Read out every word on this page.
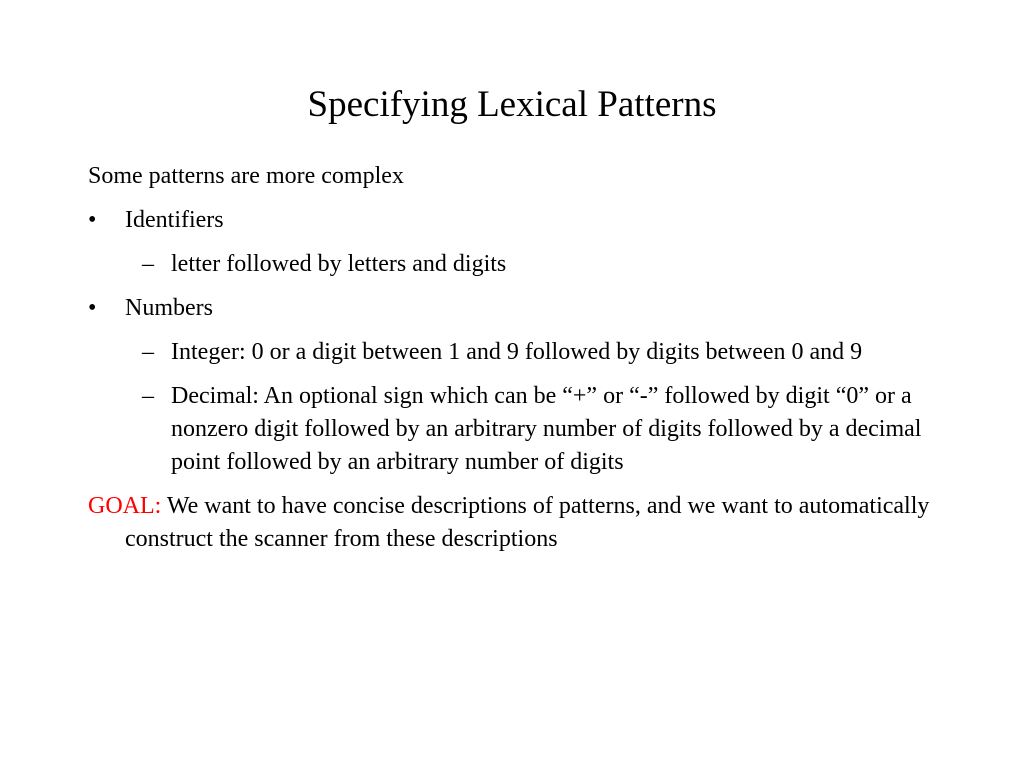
Specifying Lexical Patterns

Some patterns are more complex

• Identifiers

– letter followed by letters and digits

• Numbers

– Integer: 0 or a digit between 1 and 9 followed by digits between 0 and 9

– Decimal: An optional sign which can be “+” or “-” followed by digit “0” or a nonzero digit followed by an arbitrary number of digits followed by a decimal point followed by an arbitrary number of digits

GOAL: We want to have concise descriptions of patterns, and we want to automatically construct the scanner from these descriptions
